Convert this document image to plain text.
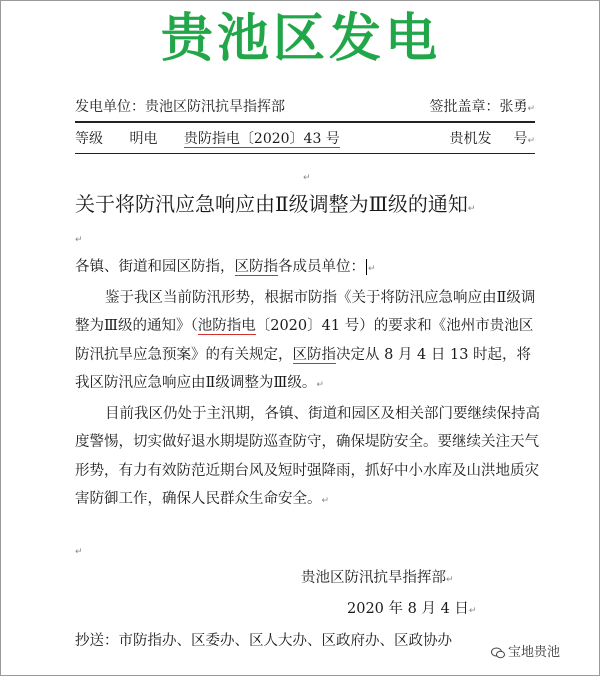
贵池区发电
发电单位：贵池区防汛抗旱指挥部	签批盖章：张勇↵
等级 明电 贵防指电〔2020〕43 号	贵机发 号↵
↵
关于将防汛应急响应由Ⅱ级调整为Ⅲ级的通知↵
↵

各镇、街道和园区防指，区防指各成员单位： ↵

鉴于我区当前防汛形势，根据市防指《关于将防汛应急响应由Ⅱ级调整为Ⅲ级的通知》（池防指电〔2020〕41 号）的要求和《池州市贵池区防汛抗旱应急预案》的有关规定，区防指决定从 8 月 4 日 13 时起，将我区防汛应急响应由Ⅱ级调整为Ⅲ级。↵

目前我区仍处于主汛期，各镇、街道和园区及相关部门要继续保持高度警惕，切实做好退水期堤防巡查防守，确保堤防安全。要继续关注天气形势，有力有效防范近期台风及短时强降雨，抓好中小水库及山洪地质灾害防御工作，确保人民群众生命安全。↵

↵
贵池区防汛抗旱指挥部↵
2020 年 8 月 4 日↵
抄送：市防指办、区委办、区人大办、区政府办、区政协办
宝地贵池
